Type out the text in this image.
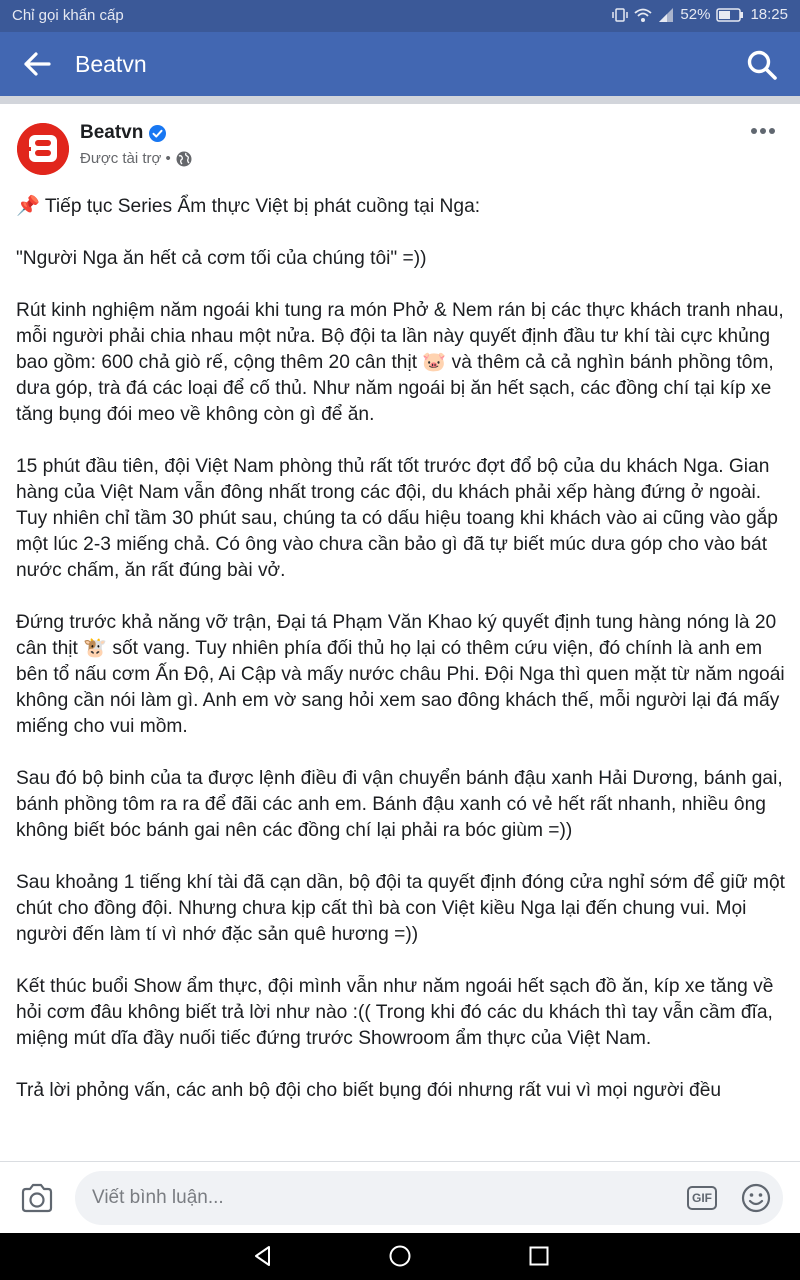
Chỉ gọi khẩn cấp	52%	18:25
Beatvn
Beatvn
Được tài trợ •

📌 Tiếp tục Series Ẩm thực Việt bị phát cuồng tại Nga:

"Người Nga ăn hết cả cơm tối của chúng tôi" =))

Rút kinh nghiệm năm ngoái khi tung ra món Phở & Nem rán bị các thực khách tranh nhau, mỗi người phải chia nhau một nửa. Bộ đội ta lần này quyết định đầu tư khí tài cực khủng bao gồm: 600 chả giò rế, cộng thêm 20 cân thịt 🐷 và thêm cả cả nghìn bánh phồng tôm, dưa góp, trà đá các loại để cố thủ. Như năm ngoái bị ăn hết sạch, các đồng chí tại kíp xe tăng bụng đói meo về không còn gì để ăn.

15 phút đầu tiên, đội Việt Nam phòng thủ rất tốt trước đợt đổ bộ của du khách Nga. Gian hàng của Việt Nam vẫn đông nhất trong các đội, du khách phải xếp hàng đứng ở ngoài. Tuy nhiên chỉ tầm 30 phút sau, chúng ta có dấu hiệu toang khi khách vào ai cũng vào gắp một lúc 2-3 miếng chả. Có ông vào chưa cần bảo gì đã tự biết múc dưa góp cho vào bát nước chấm, ăn rất đúng bài vở.

Đứng trước khả năng vỡ trận, Đại tá Phạm Văn Khao ký quyết định tung hàng nóng là 20 cân thịt 🐮 sốt vang. Tuy nhiên phía đối thủ họ lại có thêm cứu viện, đó chính là anh em bên tổ nấu cơm Ấn Độ, Ai Cập và mấy nước châu Phi. Đội Nga thì quen mặt từ năm ngoái không cần nói làm gì. Anh em vờ sang hỏi xem sao đông khách thế, mỗi người lại đá mấy miếng cho vui mồm.

Sau đó bộ binh của ta được lệnh điều đi vận chuyển bánh đậu xanh Hải Dương, bánh gai, bánh phồng tôm ra ra để đãi các anh em. Bánh đậu xanh có vẻ hết rất nhanh, nhiều ông không biết bóc bánh gai nên các đồng chí lại phải ra bóc giùm =))

Sau khoảng 1 tiếng khí tài đã cạn dần, bộ đội ta quyết định đóng cửa nghỉ sớm để giữ một chút cho đồng đội. Nhưng chưa kịp cất thì bà con Việt kiều Nga lại đến chung vui. Mọi người đến làm tí vì nhớ đặc sản quê hương =))

Kết thúc buổi Show ẩm thực, đội mình vẫn như năm ngoái hết sạch đồ ăn, kíp xe tăng về hỏi cơm đâu không biết trả lời như nào :(( Trong khi đó các du khách thì tay vẫn cầm đĩa, miệng mút dĩa đầy nuối tiếc đứng trước Showroom ẩm thực của Việt Nam.

Trả lời phỏng vấn, các anh bộ đội cho biết bụng đói nhưng rất vui vì mọi người đều

Viết bình luận...
GIF
